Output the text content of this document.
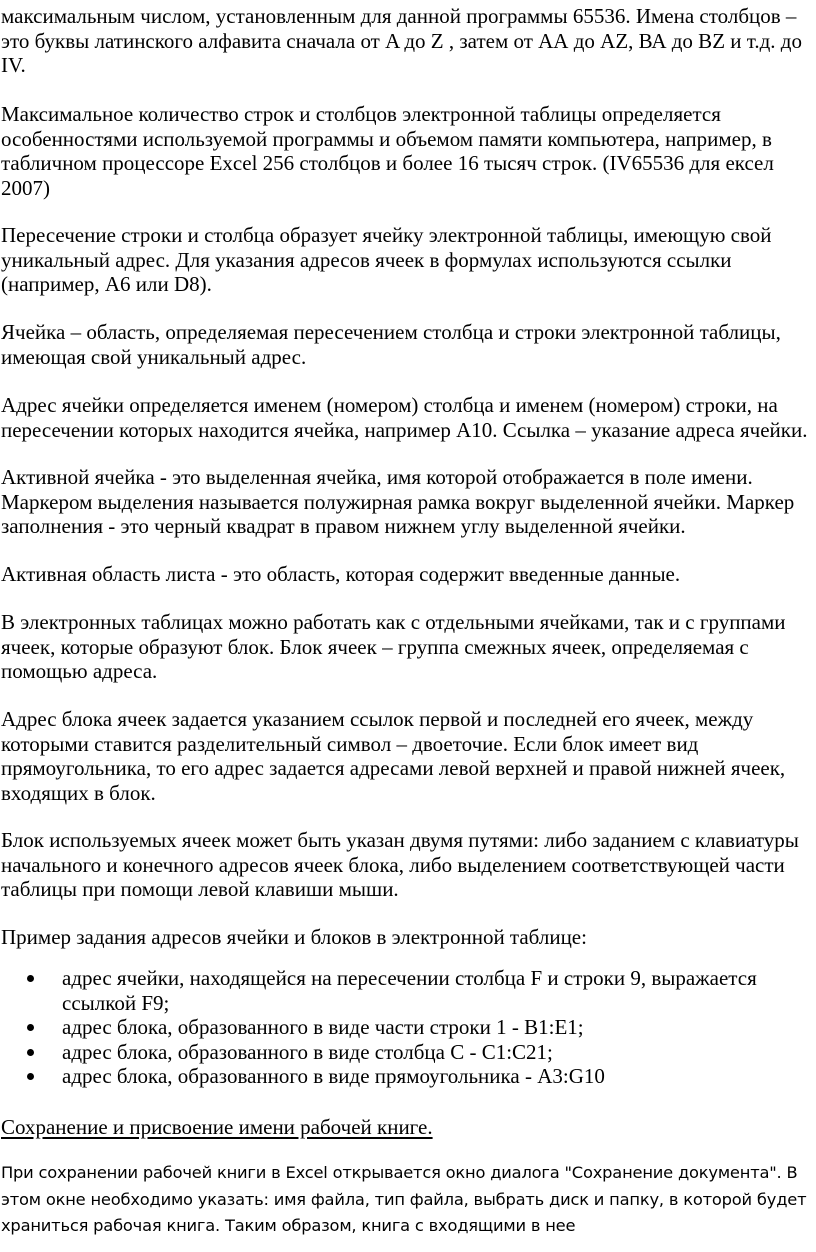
максимальным числом, установленным для данной программы 65536. Имена столбцов – это буквы латинского алфавита сначала от A до Z , затем от АА до AZ, ВА до BZ и т.д. до IV.

Максимальное количество строк и столбцов электронной таблицы определяется особенностями используемой программы и объемом памяти компьютера, например, в табличном процессоре Excel 256 столбцов и более 16 тысяч строк. (IV65536 для ексел 2007)

Пересечение строки и столбца образует ячейку электронной таблицы, имеющую свой уникальный адрес. Для указания адресов ячеек в формулах используются ссылки (например, А6 или D8).

Ячейка – область, определяемая пересечением столбца и строки электронной таблицы, имеющая свой уникальный адрес.

Адрес ячейки определяется именем (номером) столбца и именем (номером) строки, на пересечении которых находится ячейка, например А10. Ссылка – указание адреса ячейки.

Активной ячейка - это выделенная ячейка, имя которой отображается в поле имени. Маркером выделения называется полужирная рамка вокруг выделенной ячейки. Маркер заполнения - это черный квадрат в правом нижнем углу выделенной ячейки.

Активная область листа - это область, которая содержит введенные данные.

В электронных таблицах можно работать как с отдельными ячейками, так и с группами ячеек, которые образуют блок. Блок ячеек – группа смежных ячеек, определяемая с помощью адреса.

Адрес блока ячеек задается указанием ссылок первой и последней его ячеек, между которыми ставится разделительный символ – двоеточие. Если блок имеет вид прямоугольника, то его адрес задается адресами левой верхней и правой нижней ячеек, входящих в блок.

Блок используемых ячеек может быть указан двумя путями: либо заданием с клавиатуры начального и конечного адресов ячеек блока, либо выделением соответствующей части таблицы при помощи левой клавиши мыши.

Пример задания адресов ячейки и блоков в электронной таблице:

адрес ячейки, находящейся на пересечении столбца F и строки 9, выражается ссылкой F9;
адрес блока, образованного в виде части строки 1 - B1:E1;
адрес блока, образованного в виде столбца C - C1:C21;
адрес блока, образованного в виде прямоугольника - A3:G10

Сохранение и присвоение имени рабочей книге.

При сохранении рабочей книги в Excel открывается окно диалога "Сохранение документа". В этом окне необходимо указать: имя файла, тип файла, выбрать диск и папку, в которой будет храниться рабочая книга. Таким образом, книга с входящими в нее
